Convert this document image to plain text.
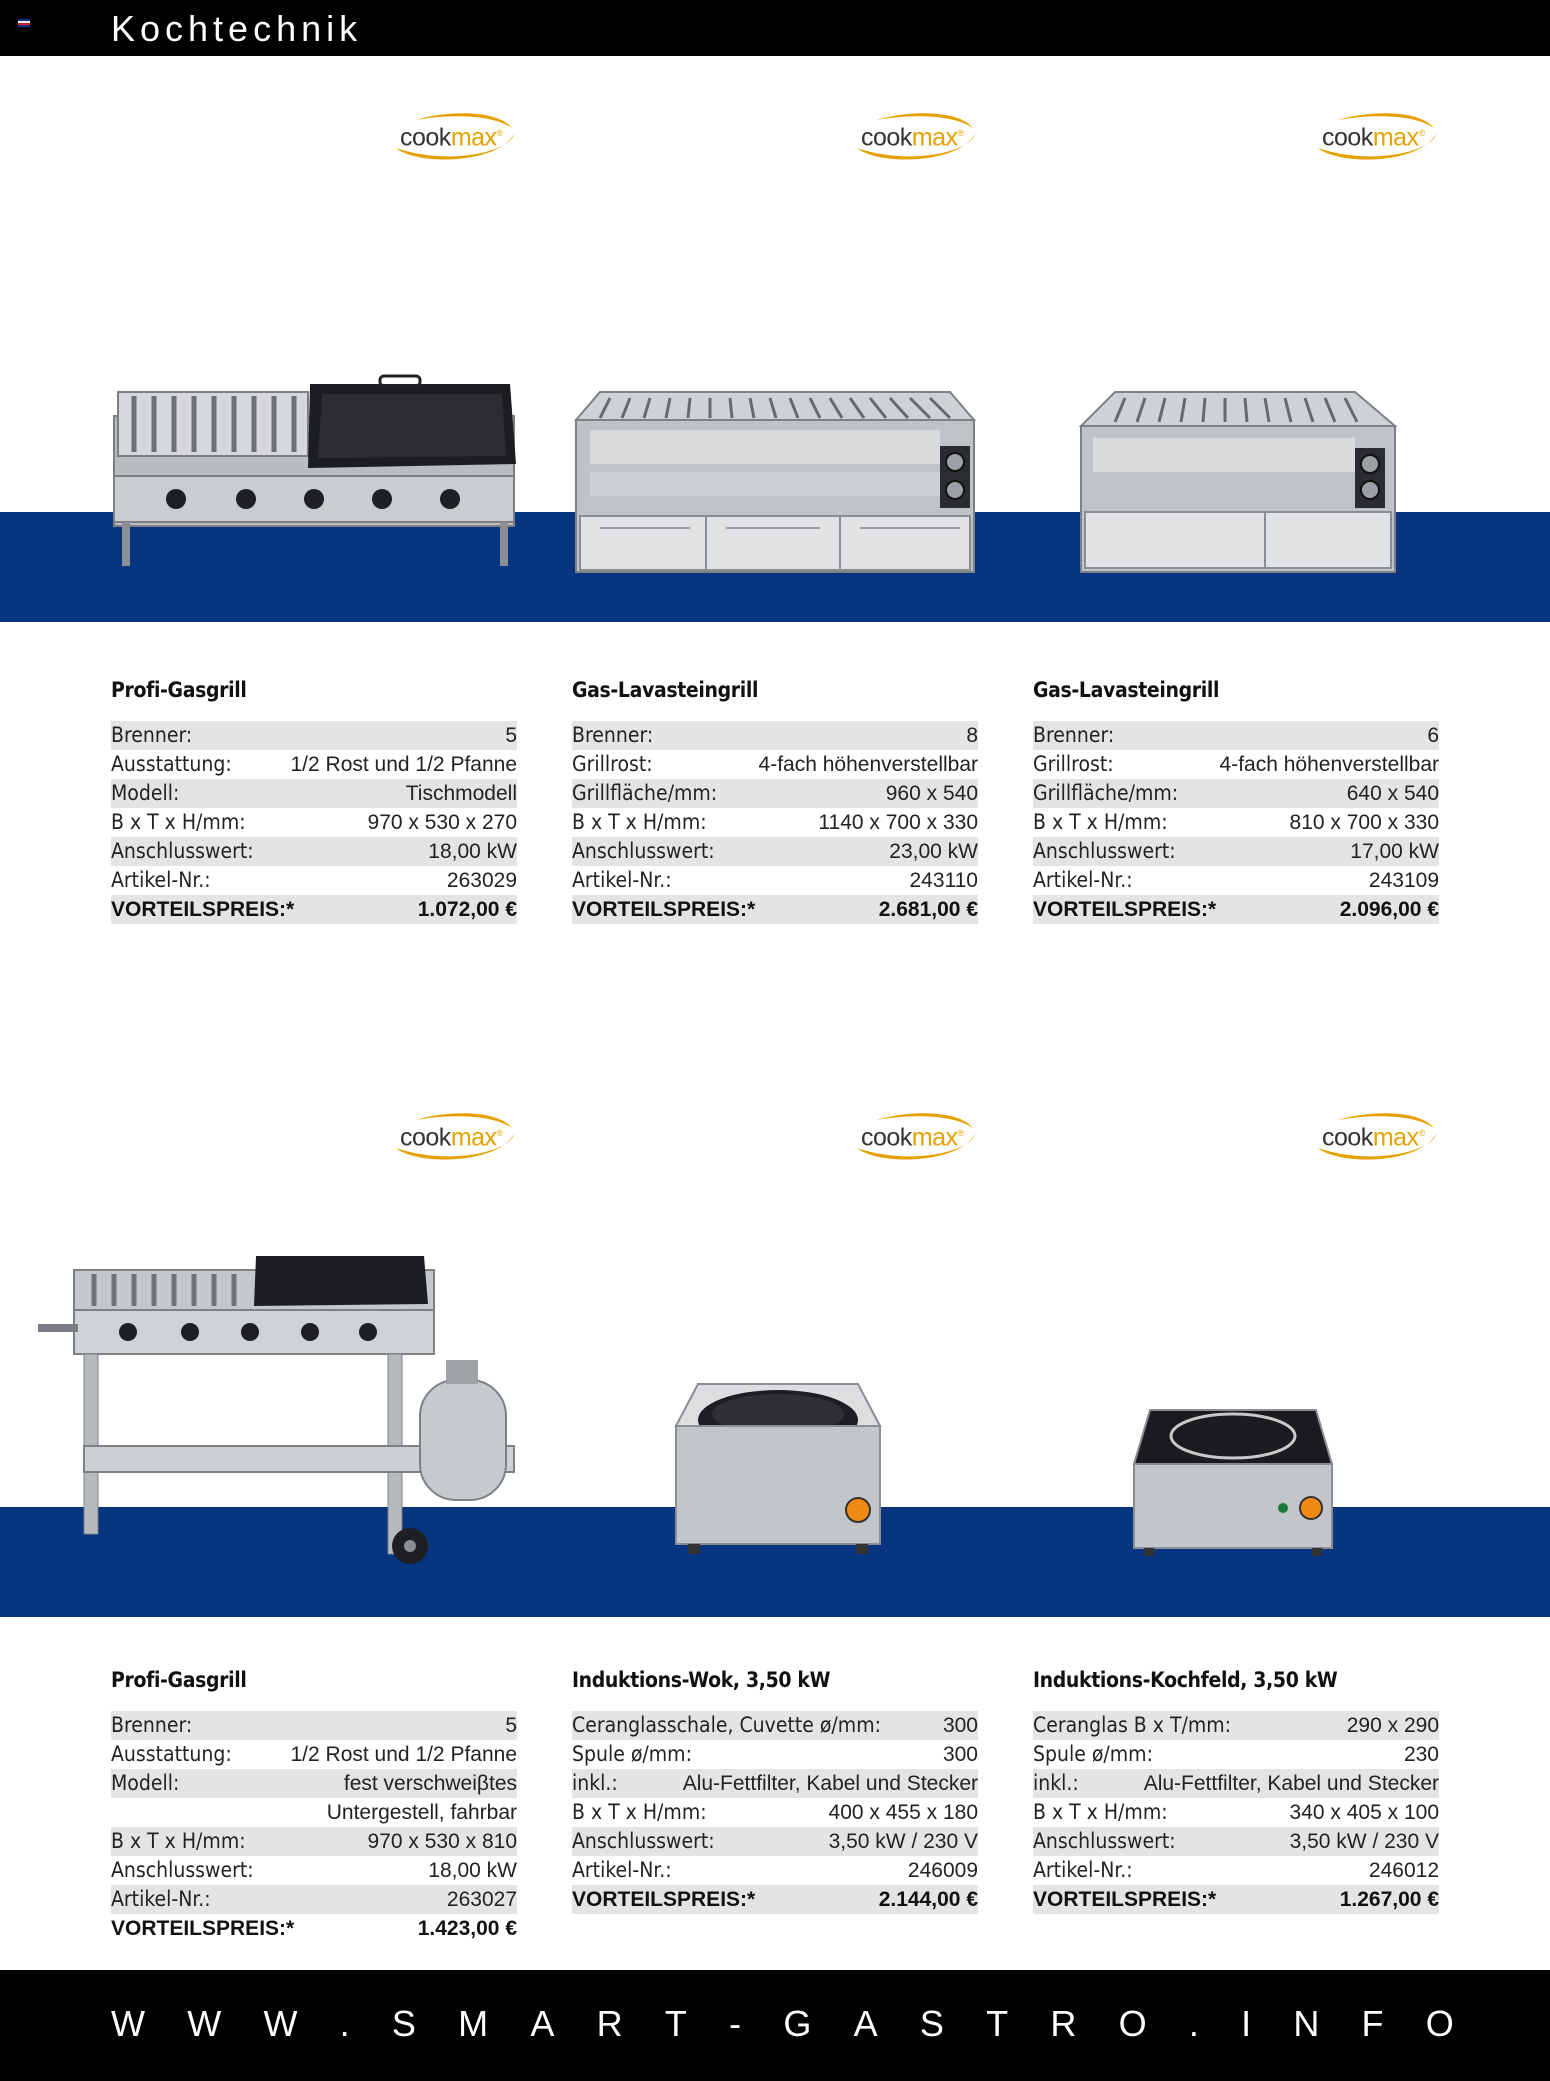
Kochtechnik
cookmax®	cookmax®	cookmax®
cookmax®	cookmax®	cookmax®
Profi-Gasgrill
Brenner:	5
Ausstattung:	1/2 Rost und 1/2 Pfanne
Modell:	Tischmodell
B x T x H/mm:	970 x 530 x 270
Anschlusswert:	18,00 kW
Artikel-Nr.:	263029
VORTEILSPREIS:*	1.072,00 €
Gas-Lavasteingrill
Brenner:	8
Grillrost:	4-fach höhenverstellbar
Grillfläche/mm:	960 x 540
B x T x H/mm:	1140 x 700 x 330
Anschlusswert:	23,00 kW
Artikel-Nr.:	243110
VORTEILSPREIS:*	2.681,00 €
Gas-Lavasteingrill
Brenner:	6
Grillrost:	4-fach höhenverstellbar
Grillfläche/mm:	640 x 540
B x T x H/mm:	810 x 700 x 330
Anschlusswert:	17,00 kW
Artikel-Nr.:	243109
VORTEILSPREIS:*	2.096,00 €
Profi-Gasgrill
Brenner:	5
Ausstattung:	1/2 Rost und 1/2 Pfanne
Modell:	fest verschweiβtes
Untergestell, fahrbar
B x T x H/mm:	970 x 530 x 810
Anschlusswert:	18,00 kW
Artikel-Nr.:	263027
VORTEILSPREIS:*	1.423,00 €
Induktions-Wok, 3,50 kW
Ceranglasschale, Cuvette ø/mm:	300
Spule ø/mm:	300
inkl.:	Alu-Fettfilter, Kabel und Stecker
B x T x H/mm:	400 x 455 x 180
Anschlusswert:	3,50 kW / 230 V
Artikel-Nr.:	246009
VORTEILSPREIS:*	2.144,00 €
Induktions-Kochfeld, 3,50 kW
Ceranglas B x T/mm:	290 x 290
Spule ø/mm:	230
inkl.:	Alu-Fettfilter, Kabel und Stecker
B x T x H/mm:	340 x 405 x 100
Anschlusswert:	3,50 kW / 230 V
Artikel-Nr.:	246012
VORTEILSPREIS:*	1.267,00 €
W W W . S M A R T - G A S T R O . I N F O
